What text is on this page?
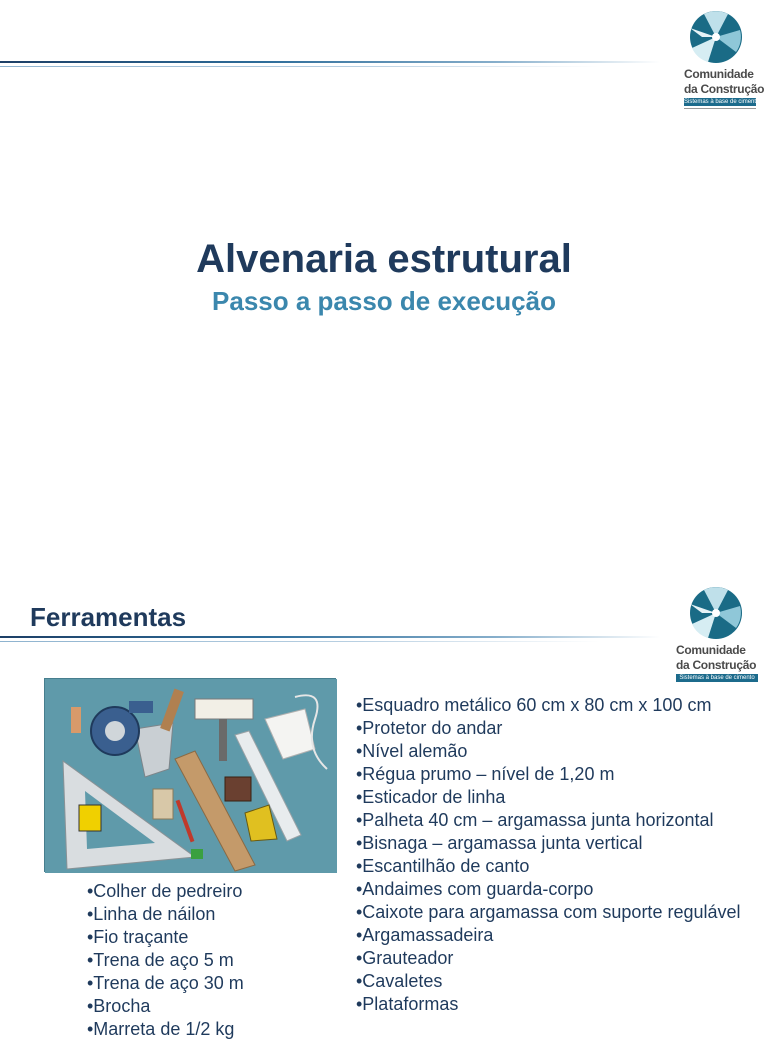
Comunidade
da Construção
Sistemas à base de cimento
Alvenaria estrutural
Passo a passo de execução
Ferramentas
Comunidade
da Construção
Sistemas à base de cimento
•Colher de pedreiro
•Linha de náilon
•Fio traçante
•Trena de aço 5 m
•Trena de aço 30 m
•Brocha
•Marreta de 1/2 kg
•Esquadro metálico 60 cm x 80 cm x 100 cm
•Protetor do andar
•Nível alemão
•Régua prumo – nível de 1,20 m
•Esticador de linha
•Palheta 40 cm – argamassa junta horizontal
•Bisnaga – argamassa junta vertical
•Escantilhão de canto
•Andaimes com guarda-corpo
•Caixote para argamassa com suporte regulável
•Argamassadeira
•Grauteador
•Cavaletes
•Plataformas
